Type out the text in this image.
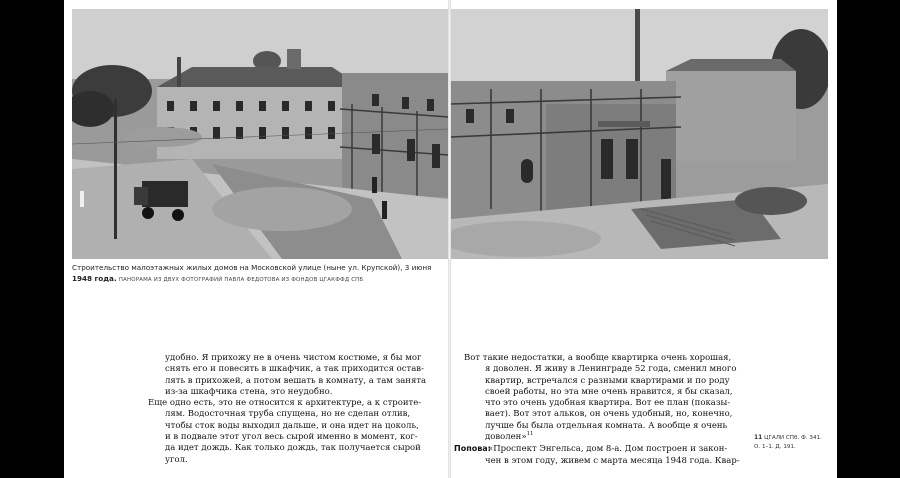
Строительство малоэтажных жилых домов на Московской улице (ныне ул. Крупской), 3 июня
1948 года. ПАНОРАМА ИЗ ДВУХ ФОТОГРАФИЙ ПАВЛА ФЕДОТОВА ИЗ ФОНДОВ ЦГАКФФД СПБ
удобно. Я прихожу не в очень чистом костюме, я бы мог
снять его и повесить в шкафчик, а так приходится остав-
лять в прихожей, а потом вешать в комнату, а там занята
из-за шкафчика стена, это неудобно.
Еще одно есть, это не относится к архитектуре, а к строите-
лям. Водосточная труба спущена, но не сделан отлив,
чтобы сток воды выходил дальше, и она идет на цоколь,
и в подвале этот угол весь сырой именно в момент, ког-
да идет дождь. Как только дождь, так получается сырой
угол.
Вот такие недостатки, а вообще квартирка очень хорошая,
я доволен. Я живу в Ленинграде 52 года, сменил много
квартир, встречался с разными квартирами и по роду
своей работы, но эта мне очень нравится, я бы сказал,
что это очень удобная квартира. Вот ее план (показы-
вает). Вот этот альков, он очень удобный, но, конечно,
лучше бы была отдельная комната. А вообще я очень
доволен»$^{11}$
Попова:«Проспект Энгельса, дом 8-а. Дом построен и закон-
чен в этом году, живем с марта месяца 1948 года. Квар-
11 ЦГАЛИ СПб. Ф. 341.
О. 1–1. Д. 191.
